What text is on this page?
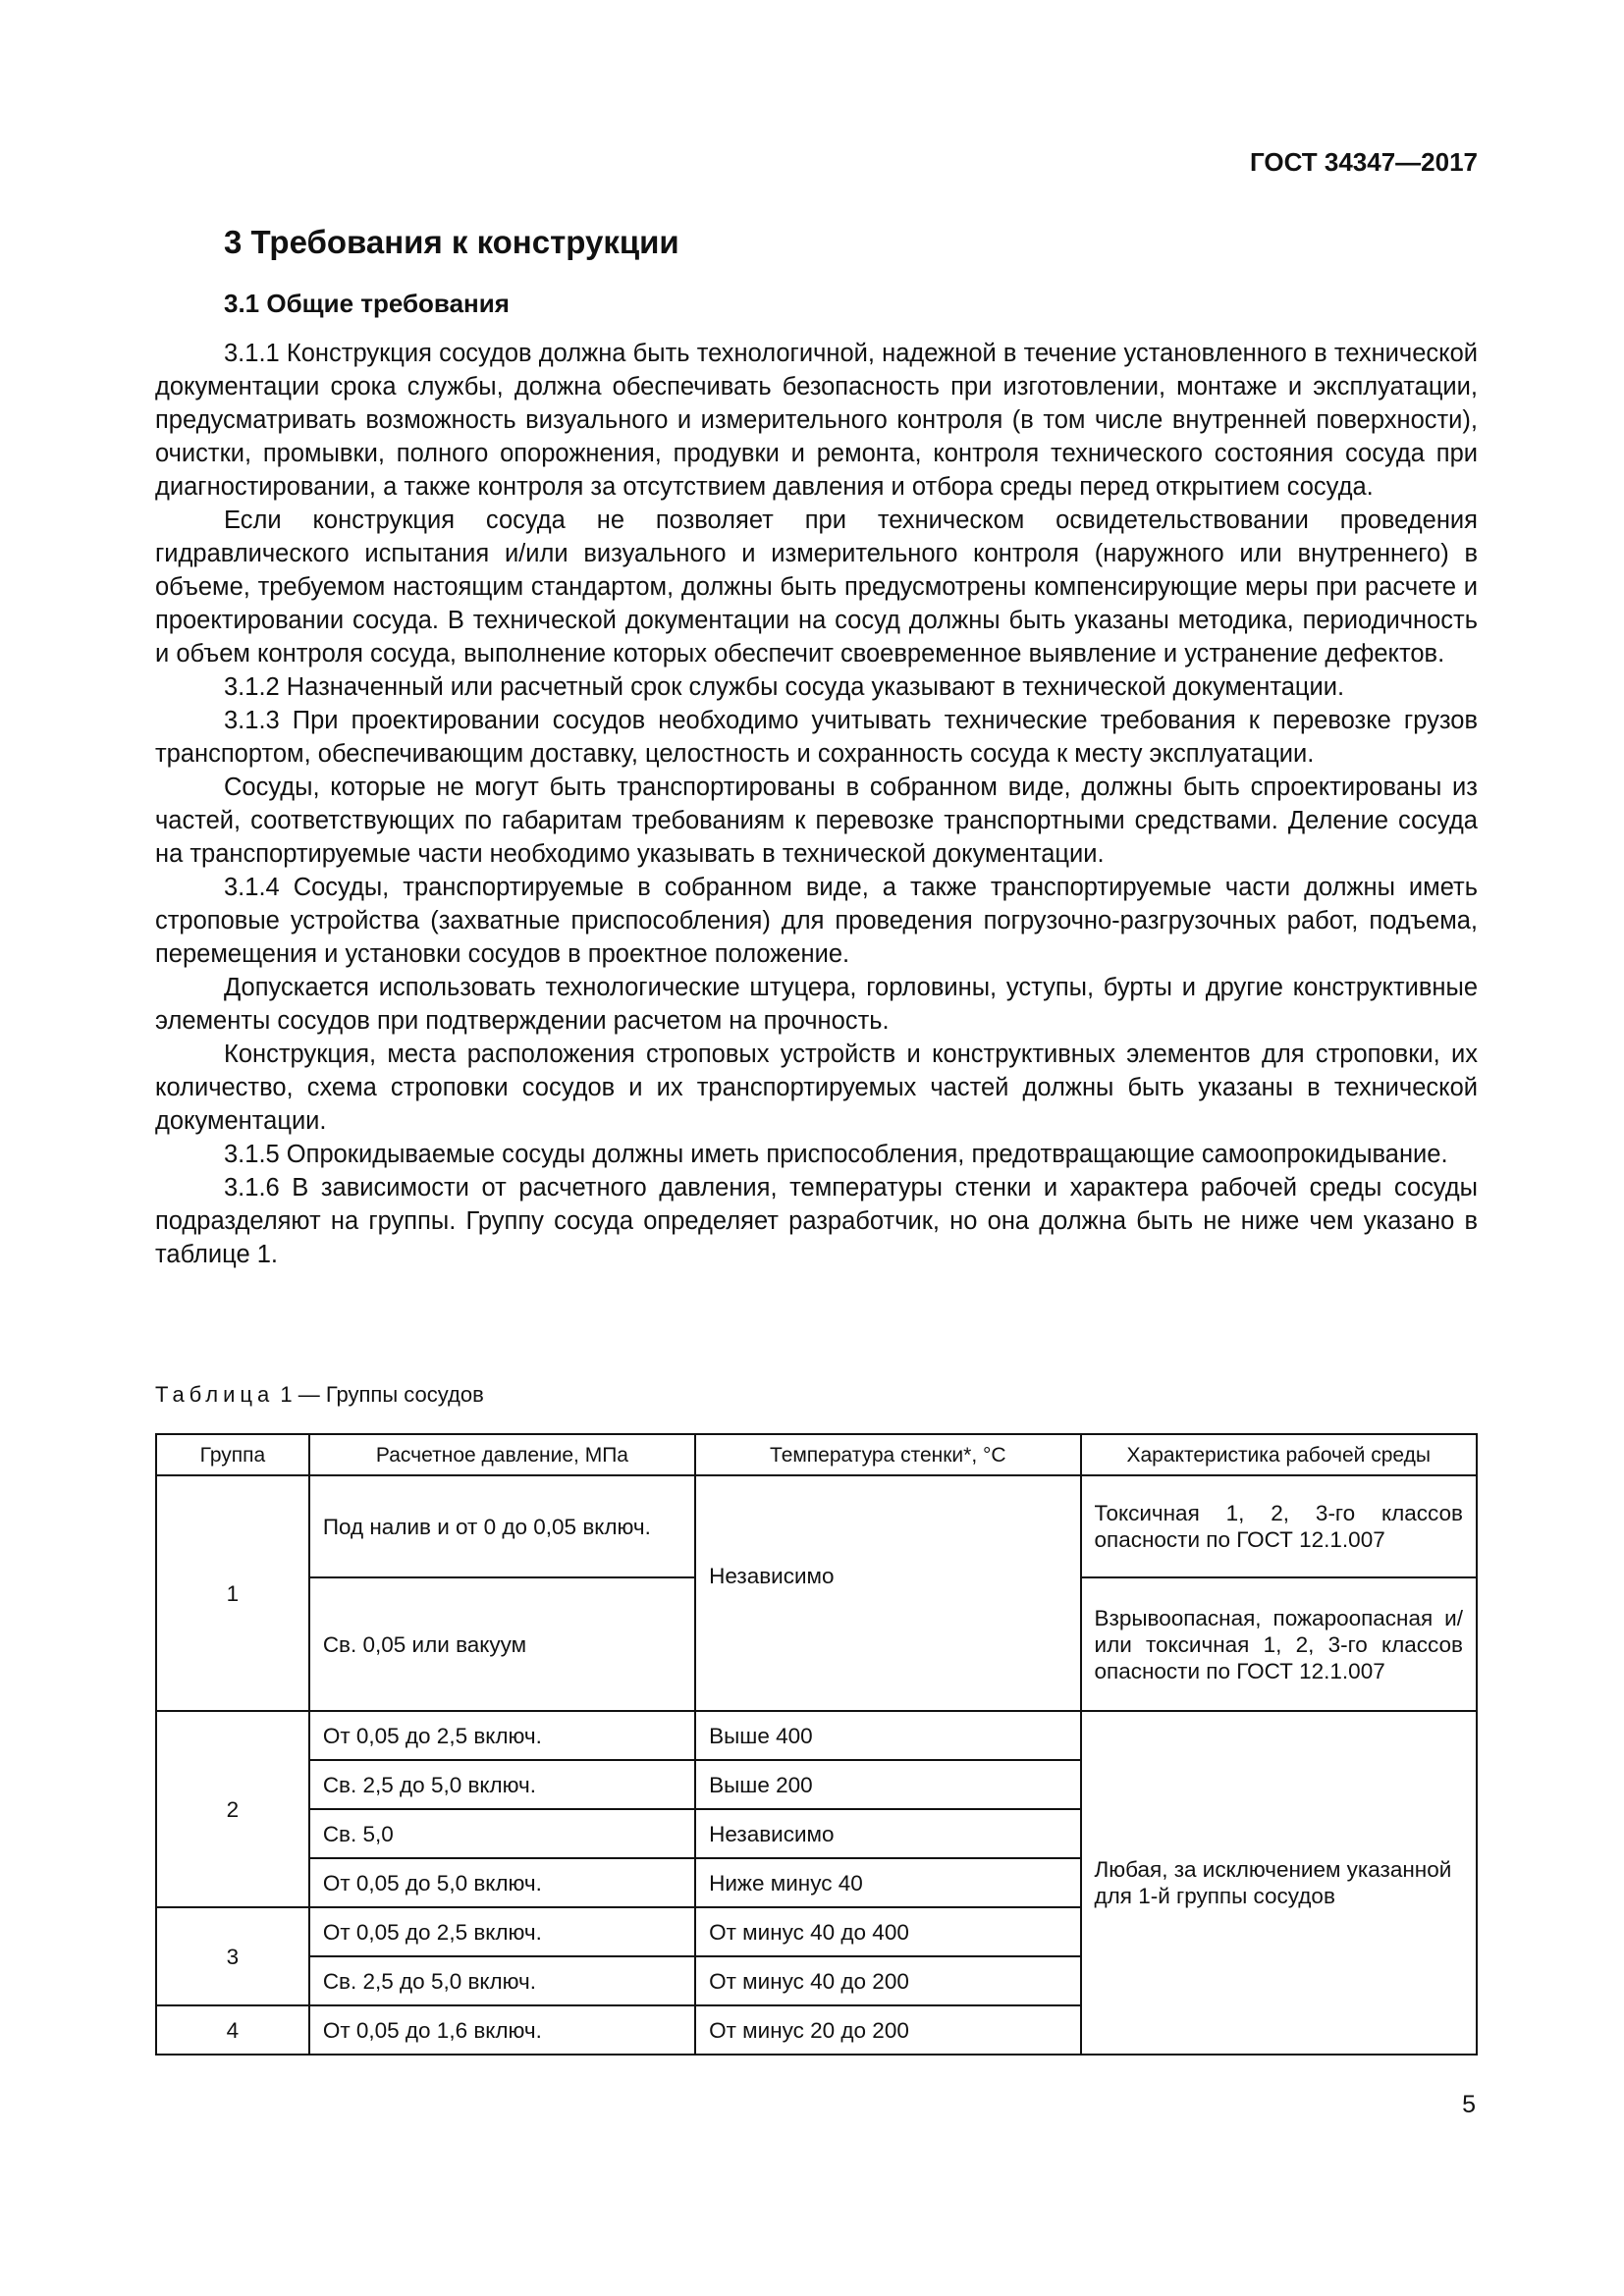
ГОСТ 34347—2017
3 Требования к конструкции
3.1 Общие требования

3.1.1 Конструкция сосудов должна быть технологичной, надежной в течение установленного в технической документации срока службы, должна обеспечивать безопасность при изготовлении, монтаже и эксплуатации, предусматривать возможность визуального и измерительного контроля (в том числе внутренней поверхности), очистки, промывки, полного опорожнения, продувки и ремонта, контроля технического состояния сосуда при диагностировании, а также контроля за отсутствием давления и отбора среды перед открытием сосуда.

Если конструкция сосуда не позволяет при техническом освидетельствовании проведения гидравлического испытания и/или визуального и измерительного контроля (наружного или внутреннего) в объеме, требуемом настоящим стандартом, должны быть предусмотрены компенсирующие меры при расчете и проектировании сосуда. В технической документации на сосуд должны быть указаны методика, периодичность и объем контроля сосуда, выполнение которых обеспечит своевременное выявление и устранение дефектов.

3.1.2 Назначенный или расчетный срок службы сосуда указывают в технической документации.

3.1.3 При проектировании сосудов необходимо учитывать технические требования к перевозке грузов транспортом, обеспечивающим доставку, целостность и сохранность сосуда к месту эксплуатации.

Сосуды, которые не могут быть транспортированы в собранном виде, должны быть спроектированы из частей, соответствующих по габаритам требованиям к перевозке транспортными средствами. Деление сосуда на транспортируемые части необходимо указывать в технической документации.

3.1.4 Сосуды, транспортируемые в собранном виде, а также транспортируемые части должны иметь строповые устройства (захватные приспособления) для проведения погрузочно-разгрузочных работ, подъема, перемещения и установки сосудов в проектное положение.

Допускается использовать технологические штуцера, горловины, уступы, бурты и другие конструктивные элементы сосудов при подтверждении расчетом на прочность.

Конструкция, места расположения строповых устройств и конструктивных элементов для строповки, их количество, схема строповки сосудов и их транспортируемых частей должны быть указаны в технической документации.

3.1.5 Опрокидываемые сосуды должны иметь приспособления, предотвращающие самоопрокидывание.

3.1.6 В зависимости от расчетного давления, температуры стенки и характера рабочей среды сосуды подразделяют на группы. Группу сосуда определяет разработчик, но она должна быть не ниже чем указано в таблице 1.

Таблица 1 — Группы сосудов
Группа	Расчетное давление, МПа	Температура стенки*, °С	Характеристика рабочей среды
1	Под налив и от 0 до 0,05 включ.	Независимо	Токсичная 1, 2, 3-го классов опасности по ГОСТ 12.1.007
	Св. 0,05 или вакуум		Взрывоопасная, пожароопасная и/или токсичная 1, 2, 3-го классов опасности по ГОСТ 12.1.007
2	От 0,05 до 2,5 включ.	Выше 400	Любая, за исключением указанной для 1-й группы сосудов
	Св. 2,5 до 5,0 включ.	Выше 200	
	Св. 5,0	Независимо	
	От 0,05 до 5,0 включ.	Ниже минус 40	
3	От 0,05 до 2,5 включ.	От минус 40 до 400	
	Св. 2,5 до 5,0 включ.	От минус 40 до 200	
4	От 0,05 до 1,6 включ.	От минус 20 до 200	
5
